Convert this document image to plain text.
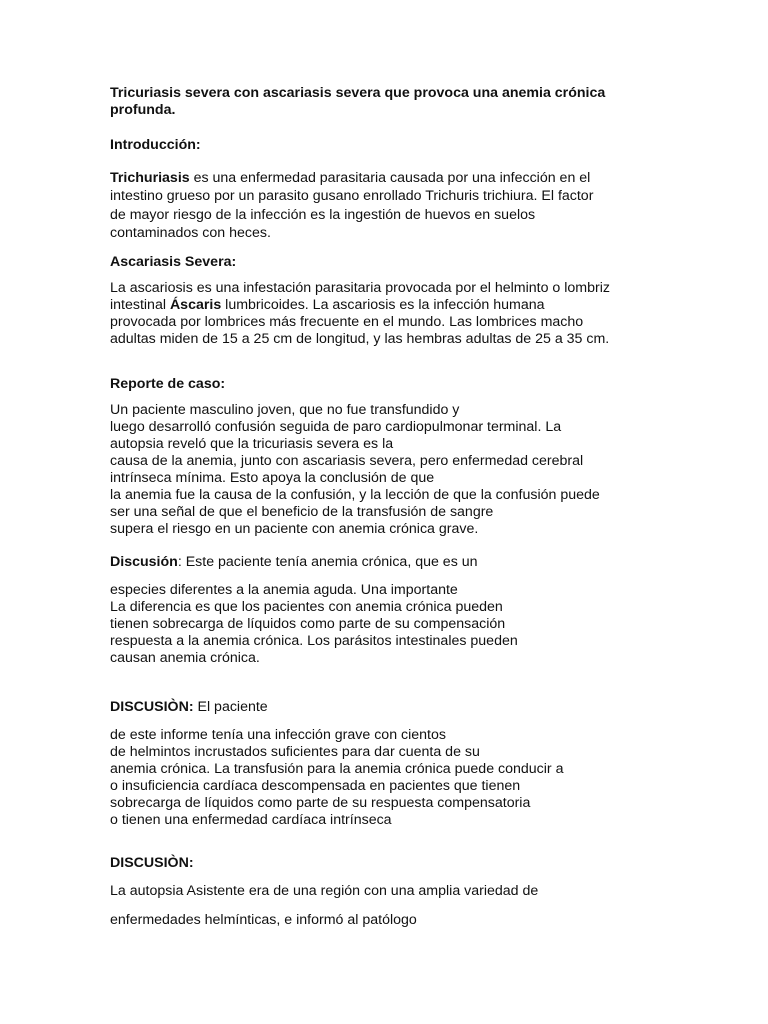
Tricuriasis severa con ascariasis severa que provoca una anemia crónica
profunda.
Introducción:
Trichuriasis es una enfermedad parasitaria causada por una infección en el
intestino grueso por un parasito gusano enrollado Trichuris trichiura. El factor
de mayor riesgo de la infección es la ingestión de huevos en suelos
contaminados con heces.
Ascariasis Severa:
La ascariosis es una infestación parasitaria provocada por el helminto o lombriz
intestinal Áscaris lumbricoides. La ascariosis es la infección humana
provocada por lombrices más frecuente en el mundo. Las lombrices macho
adultas miden de 15 a 25 cm de longitud, y las hembras adultas de 25 a 35 cm.
Reporte de caso:
Un paciente masculino joven, que no fue transfundido y
luego desarrolló confusión seguida de paro cardiopulmonar terminal. La
autopsia reveló que la tricuriasis severa es la
causa de la anemia, junto con ascariasis severa, pero enfermedad cerebral
intrínseca mínima. Esto apoya la conclusión de que
la anemia fue la causa de la confusión, y la lección de que la confusión puede
ser una señal de que el beneficio de la transfusión de sangre
supera el riesgo en un paciente con anemia crónica grave.
Discusión: Este paciente tenía anemia crónica, que es un
especies diferentes a la anemia aguda. Una importante
La diferencia es que los pacientes con anemia crónica pueden
tienen sobrecarga de líquidos como parte de su compensación
respuesta a la anemia crónica. Los parásitos intestinales pueden
causan anemia crónica.
DISCUSIÒN: El paciente
de este informe tenía una infección grave con cientos
de helmintos incrustados suficientes para dar cuenta de su
anemia crónica. La transfusión para la anemia crónica puede conducir a
o insuficiencia cardíaca descompensada en pacientes que tienen
sobrecarga de líquidos como parte de su respuesta compensatoria
o tienen una enfermedad cardíaca intrínseca
DISCUSIÒN:
La autopsia Asistente era de una región con una amplia variedad de
enfermedades helmínticas, e informó al patólogo
